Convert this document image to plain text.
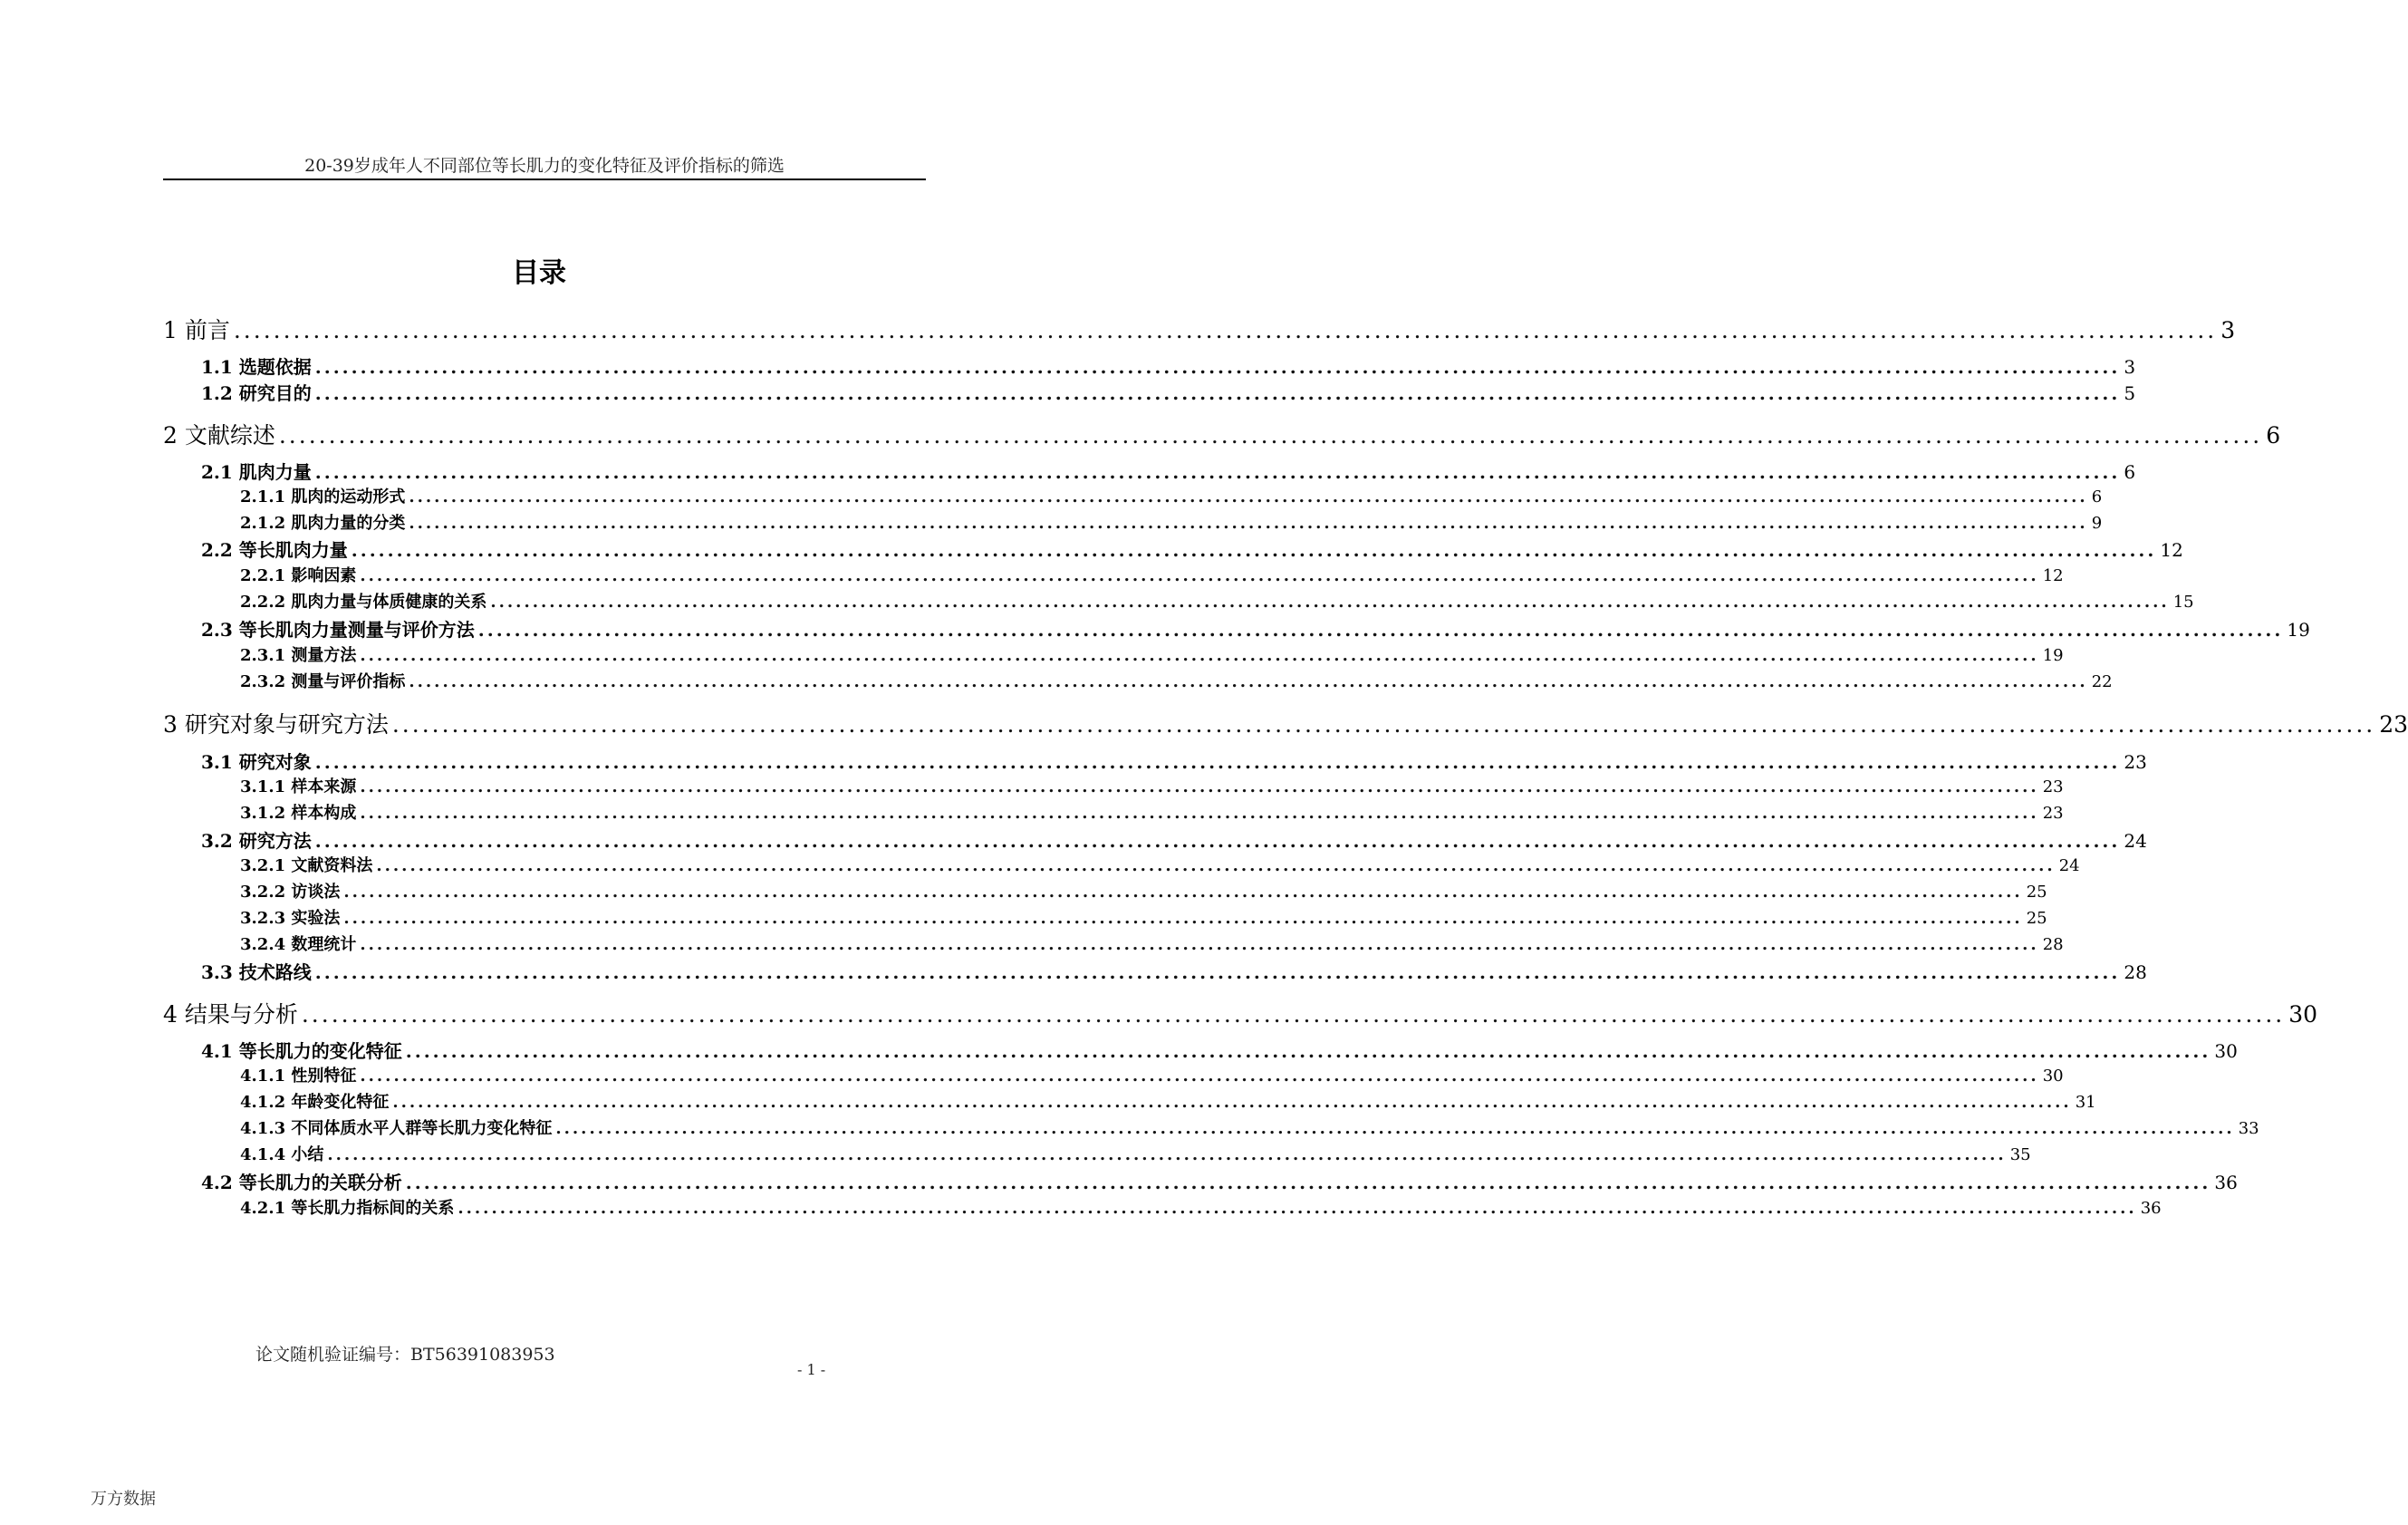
20-39岁成年人不同部位等长肌力的变化特征及评价指标的筛选
目录
1 前言 ........................................................................................................................................................................................................ 3
1.1 选题依据 ........................................................................................................................................................................................................ 3
1.2 研究目的 ........................................................................................................................................................................................................ 5
2 文献综述 ........................................................................................................................................................................................................ 6
2.1 肌肉力量 ........................................................................................................................................................................................................ 6
2.1.1 肌肉的运动形式 ........................................................................................................................................................................................................ 6
2.1.2 肌肉力量的分类 ........................................................................................................................................................................................................ 9
2.2 等长肌肉力量 ........................................................................................................................................................................................................ 12
2.2.1 影响因素 ........................................................................................................................................................................................................ 12
2.2.2 肌肉力量与体质健康的关系 ........................................................................................................................................................................................................ 15
2.3 等长肌肉力量测量与评价方法 ........................................................................................................................................................................................................ 19
2.3.1 测量方法 ........................................................................................................................................................................................................ 19
2.3.2 测量与评价指标 ........................................................................................................................................................................................................ 22
3 研究对象与研究方法 ........................................................................................................................................................................................................ 23
3.1 研究对象 ........................................................................................................................................................................................................ 23
3.1.1 样本来源 ........................................................................................................................................................................................................ 23
3.1.2 样本构成 ........................................................................................................................................................................................................ 23
3.2 研究方法 ........................................................................................................................................................................................................ 24
3.2.1 文献资料法 ........................................................................................................................................................................................................ 24
3.2.2 访谈法 ........................................................................................................................................................................................................ 25
3.2.3 实验法 ........................................................................................................................................................................................................ 25
3.2.4 数理统计 ........................................................................................................................................................................................................ 28
3.3 技术路线 ........................................................................................................................................................................................................ 28
4 结果与分析 ........................................................................................................................................................................................................ 30
4.1 等长肌力的变化特征 ........................................................................................................................................................................................................ 30
4.1.1 性别特征 ........................................................................................................................................................................................................ 30
4.1.2 年龄变化特征 ........................................................................................................................................................................................................ 31
4.1.3 不同体质水平人群等长肌力变化特征 ........................................................................................................................................................................................................ 33
4.1.4 小结 ........................................................................................................................................................................................................ 35
4.2 等长肌力的关联分析 ........................................................................................................................................................................................................ 36
4.2.1 等长肌力指标间的关系 ........................................................................................................................................................................................................ 36
论文随机验证编号：BT56391083953
- 1 -
万方数据
